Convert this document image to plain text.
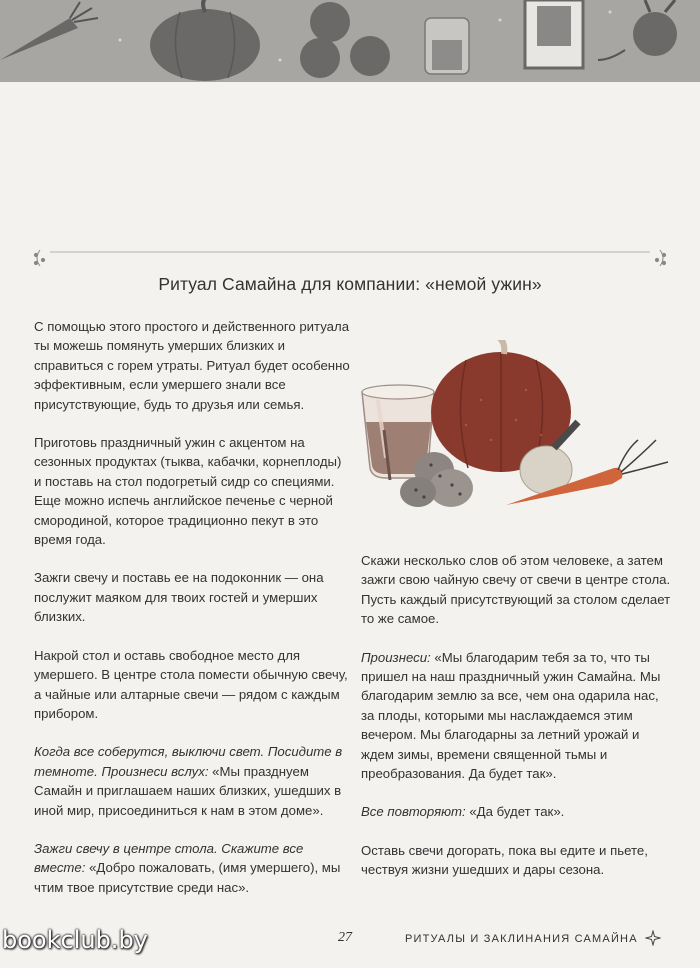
Ритуал Самайна для компании: «немой ужин»

С помощью этого простого и действенного ритуала ты можешь помянуть умерших близких и справиться с горем утраты. Ритуал будет особенно эффективным, если умершего знали все присутствующие, будь то друзья или семья.

Приготовь праздничный ужин с акцентом на сезонных продуктах (тыква, кабачки, корнеплоды) и поставь на стол подогретый сидр со специями. Еще можно испечь английское печенье с черной смородиной, которое традиционно пекут в это время года.

Зажги свечу и поставь ее на подоконник — она послужит маяком для твоих гостей и умерших близких.

Накрой стол и оставь свободное место для умершего. В центре стола помести обычную свечу, а чайные или алтарные свечи — рядом с каждым прибором.

Когда все соберутся, выключи свет. Посидите в темноте. Произнеси вслух: «Мы празднуем Самайн и приглашаем наших близких, ушедших в иной мир, присоединиться к нам в этом доме».

Зажги свечу в центре стола. Скажите все вместе: «Добро пожаловать, (имя умершего), мы чтим твое присутствие среди нас».

Скажи несколько слов об этом человеке, а затем зажги свою чайную свечу от свечи в центре стола. Пусть каждый присутствующий за столом сделает то же самое.

Произнеси: «Мы благодарим тебя за то, что ты пришел на наш праздничный ужин Самайна. Мы благодарим землю за все, чем она одарила нас, за плоды, которыми мы наслаждаемся этим вечером. Мы благодарны за летний урожай и ждем зимы, времени священной тьмы и преобразования. Да будет так».

Все повторяют: «Да будет так».

Оставь свечи догорать, пока вы едите и пьете, чествуя жизни ушедших и дары сезона.

27	РИТУАЛЫ И ЗАКЛИНАНИЯ САМАЙНА
bookclub.by
